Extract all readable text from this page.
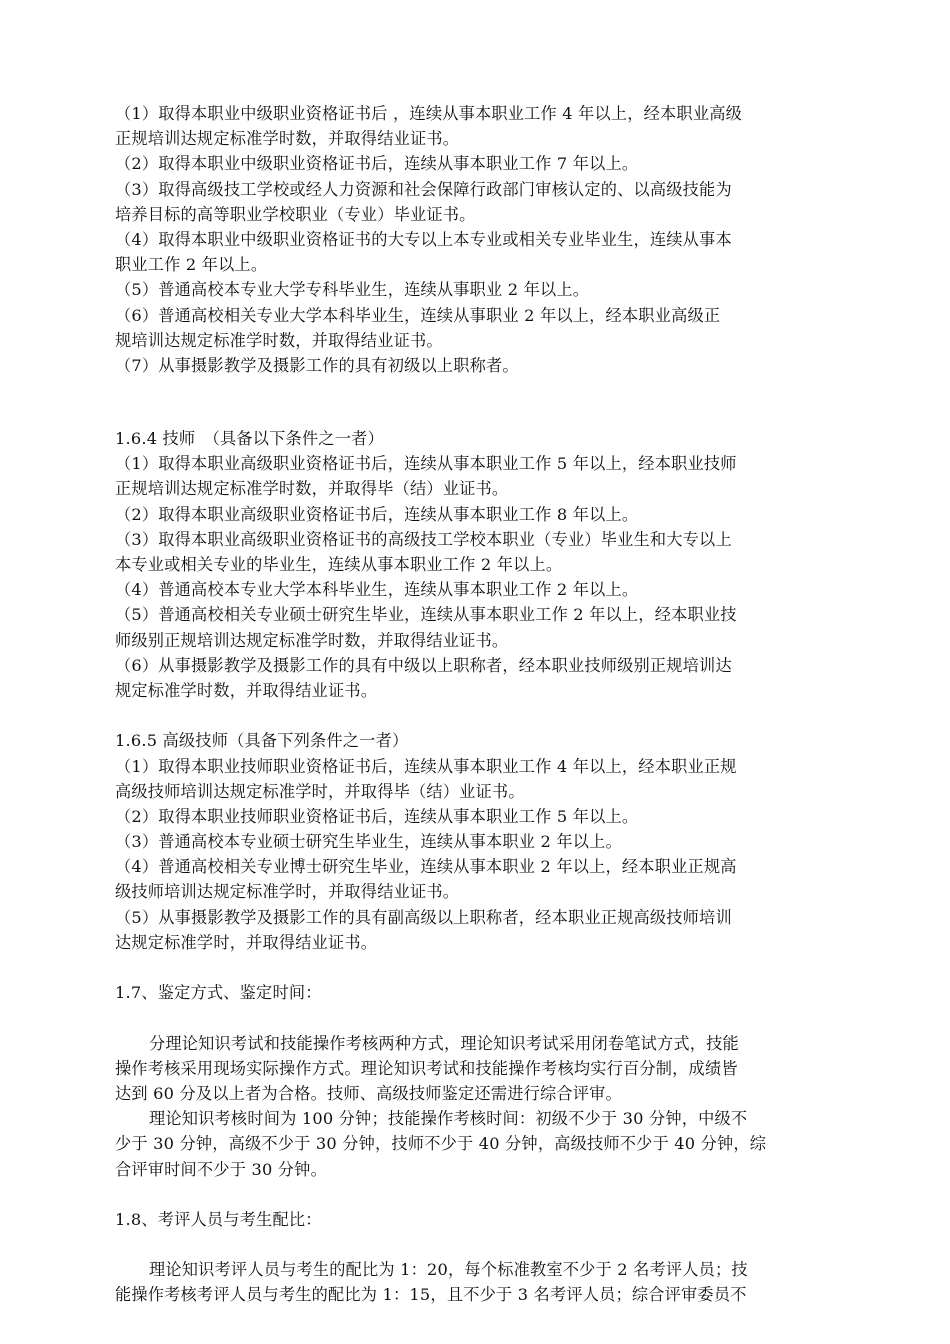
（1）取得本职业中级职业资格证书后 ，连续从事本职业工作 4 年以上，经本职业高级
正规培训达规定标准学时数，并取得结业证书。
（2）取得本职业中级职业资格证书后，连续从事本职业工作 7 年以上。
（3）取得高级技工学校或经人力资源和社会保障行政部门审核认定的、以高级技能为
培养目标的高等职业学校职业（专业）毕业证书。
（4）取得本职业中级职业资格证书的大专以上本专业或相关专业毕业生，连续从事本
职业工作 2 年以上。
（5）普通高校本专业大学专科毕业生，连续从事职业 2 年以上。
（6）普通高校相关专业大学本科毕业生，连续从事职业 2 年以上，经本职业高级正
规培训达规定标准学时数，并取得结业证书。
（7）从事摄影教学及摄影工作的具有初级以上职称者。
1.6.4 技师　（具备以下条件之一者）
（1）取得本职业高级职业资格证书后，连续从事本职业工作 5 年以上，经本职业技师
正规培训达规定标准学时数，并取得毕（结）业证书。
（2）取得本职业高级职业资格证书后，连续从事本职业工作 8 年以上。
（3）取得本职业高级职业资格证书的高级技工学校本职业（专业）毕业生和大专以上
本专业或相关专业的毕业生，连续从事本职业工作 2 年以上。
（4）普通高校本专业大学本科毕业生，连续从事本职业工作 2 年以上。
（5）普通高校相关专业硕士研究生毕业，连续从事本职业工作 2 年以上，经本职业技
师级别正规培训达规定标准学时数，并取得结业证书。
（6）从事摄影教学及摄影工作的具有中级以上职称者，经本职业技师级别正规培训达
规定标准学时数，并取得结业证书。
1.6.5 高级技师（具备下列条件之一者）
（1）取得本职业技师职业资格证书后，连续从事本职业工作 4 年以上，经本职业正规
高级技师培训达规定标准学时，并取得毕（结）业证书。
（2）取得本职业技师职业资格证书后，连续从事本职业工作 5 年以上。
（3）普通高校本专业硕士研究生毕业生，连续从事本职业 2 年以上。
（4）普通高校相关专业博士研究生毕业，连续从事本职业 2 年以上，经本职业正规高
级技师培训达规定标准学时，并取得结业证书。
（5）从事摄影教学及摄影工作的具有副高级以上职称者，经本职业正规高级技师培训
达规定标准学时，并取得结业证书。
1.7、鉴定方式、鉴定时间：
分理论知识考试和技能操作考核两种方式，理论知识考试采用闭卷笔试方式，技能
操作考核采用现场实际操作方式。理论知识考试和技能操作考核均实行百分制，成绩皆
达到 60 分及以上者为合格。技师、高级技师鉴定还需进行综合评审。
理论知识考核时间为 100 分钟；技能操作考核时间：初级不少于 30 分钟，中级不
少于 30 分钟，高级不少于 30 分钟，技师不少于 40 分钟，高级技师不少于 40 分钟，综
合评审时间不少于 30 分钟。
1.8、考评人员与考生配比：
理论知识考评人员与考生的配比为 1：20，每个标准教室不少于 2 名考评人员；技
能操作考核考评人员与考生的配比为 1：15，且不少于 3 名考评人员；综合评审委员不
